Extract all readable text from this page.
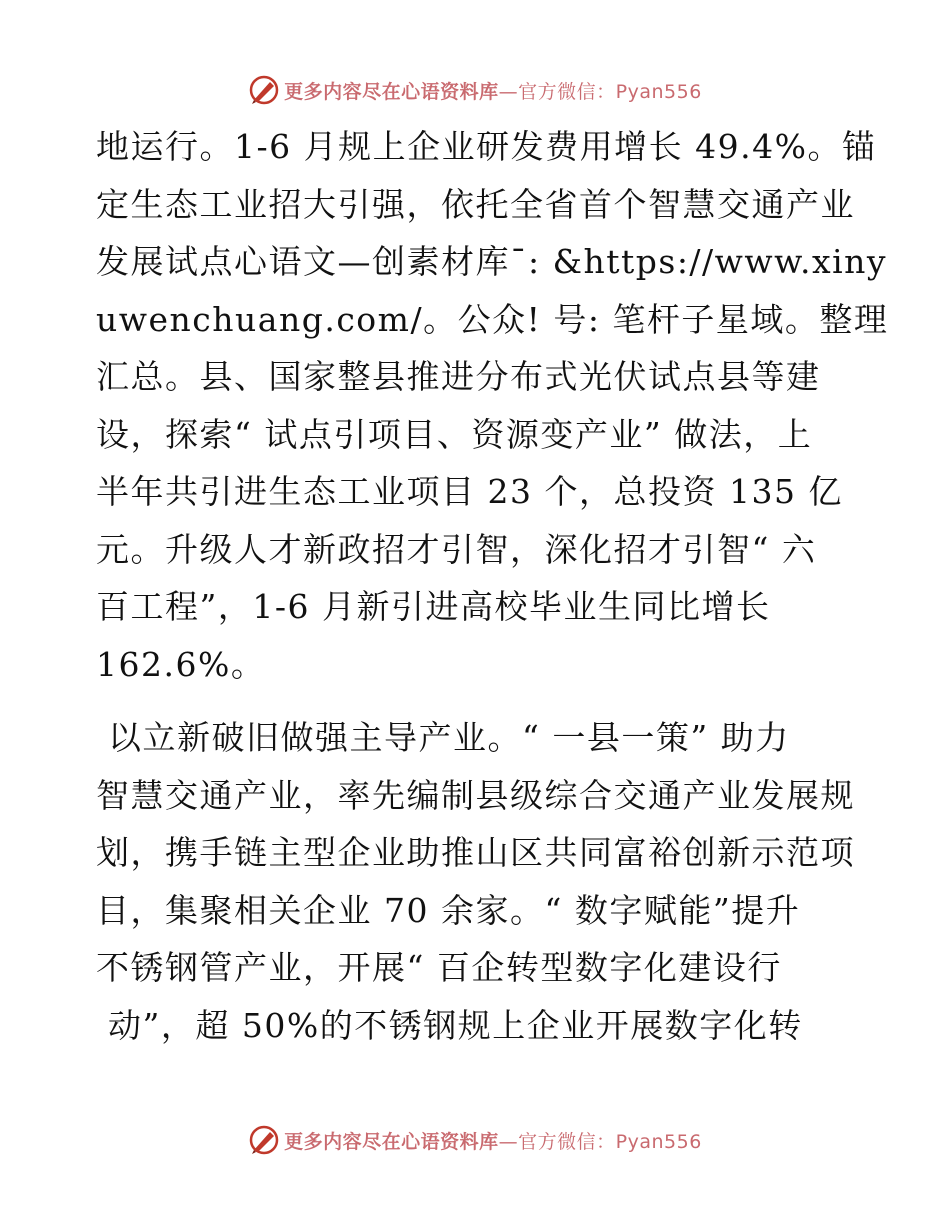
更多内容尽在心语资料库—官方微信：Pyan556
地运行。1-6 月规上企业研发费用增长 49.4%。锚
定生态工业招大引强，依托全省首个智慧交通产业
发展试点心语文—创素材库¯: &https://www.xiny
uwenchuang.com/。公众! 号: 笔杆子星域。整理
汇总。县、国家整县推进分布式光伏试点县等建
设，探索“ 试点引项目、资源变产业” 做法，上
半年共引进生态工业项目 23 个，总投资 135 亿
元。升级人才新政招才引智，深化招才引智“ 六
百工程”，1-6 月新引进高校毕业生同比增长
162.6%。
以立新破旧做强主导产业。“ 一县一策” 助力
智慧交通产业，率先编制县级综合交通产业发展规
划，携手链主型企业助推山区共同富裕创新示范项
目，集聚相关企业 70 余家。“ 数字赋能”提升
不锈钢管产业，开展“ 百企转型数字化建设行
动”，超 50%的不锈钢规上企业开展数字化转
更多内容尽在心语资料库—官方微信：Pyan556
